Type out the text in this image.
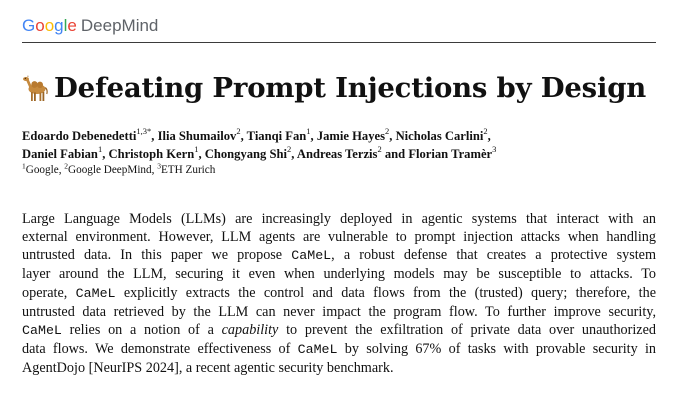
Google DeepMind
Defeating Prompt Injections by Design
Edoardo Debenedetti$^{1,3*}$, Ilia Shumailov$^2$, Tianqi Fan$^1$, Jamie Hayes$^2$, Nicholas Carlini$^2$,
Daniel Fabian$^1$, Christoph Kern$^1$, Chongyang Shi$^2$, Andreas Terzis$^2$ and Florian Tramèr$^3$
$^1$Google, $^2$Google DeepMind, $^3$ETH Zurich
Large Language Models (LLMs) are increasingly deployed in agentic systems that interact with an
external environment. However, LLM agents are vulnerable to prompt injection attacks when handling
untrusted data. In this paper we propose CaMeL, a robust defense that creates a protective system
layer around the LLM, securing it even when underlying models may be susceptible to attacks. To
operate, CaMeL explicitly extracts the control and data flows from the (trusted) query; therefore, the
untrusted data retrieved by the LLM can never impact the program flow. To further improve security,
CaMeL relies on a notion of a capability to prevent the exfiltration of private data over unauthorized
data flows. We demonstrate effectiveness of CaMeL by solving 67% of tasks with provable security in
AgentDojo [NeurIPS 2024], a recent agentic security benchmark.
